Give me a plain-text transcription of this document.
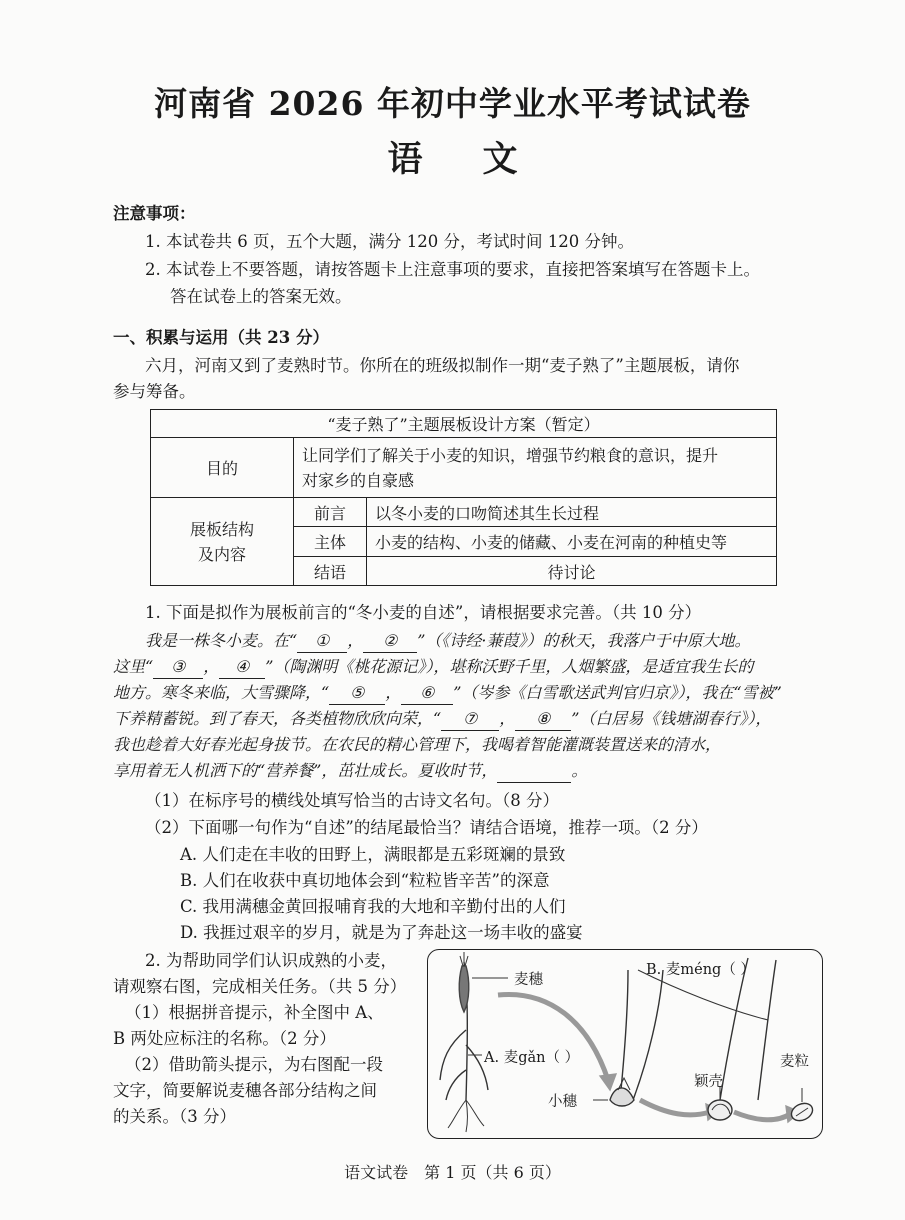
河南省 2026 年初中学业水平考试试卷
语文
注意事项：
1. 本试卷共 6 页，五个大题，满分 120 分，考试时间 120 分钟。
2. 本试卷上不要答题，请按答题卡上注意事项的要求，直接把答案填写在答题卡上。
答在试卷上的答案无效。
一、积累与运用（共 23 分）
六月，河南又到了麦熟时节。你所在的班级拟制作一期“麦子熟了”主题展板，请你
参与筹备。
“麦子熟了”主题展板设计方案（暂定）		
目的	让同学们了解关于小麦的知识，增强节约粮食的意识，提升
对家乡的自豪感	

展板结构
及内容	前言	以冬小麦的口吻简述其生长过程
	主体	小麦的结构、小麦的储藏、小麦在河南的种植史等
	结语	待讨论
1. 下面是拟作为展板前言的“冬小麦的自述”，请根据要求完善。（共 10 分）
我是一株冬小麦。在“ ① ， ② ”（《诗经·蒹葭》）的秋天，我落户于中原大地。
这里“ ③ ， ④ ”（陶渊明《桃花源记》），堪称沃野千里，人烟繁盛，是适宜我生长的
地方。寒冬来临，大雪骤降，“ ⑤ ， ⑥ ”（岑参《白雪歌送武判官归京》），我在“雪被”
下养精蓄锐。到了春天，各类植物欣欣向荣，“ ⑦ ， ⑧ ”（白居易《钱塘湖春行》），
我也趁着大好春光起身拔节。在农民的精心管理下，我喝着智能灌溉装置送来的清水，
享用着无人机洒下的“营养餐”，茁壮成长。夏收时节，	。
（1）在标序号的横线处填写恰当的古诗文名句。（8 分）
（2）下面哪一句作为“自述”的结尾最恰当？请结合语境，推荐一项。（2 分）
A. 人们走在丰收的田野上，满眼都是五彩斑斓的景致
B. 人们在收获中真切地体会到“粒粒皆辛苦”的深意
C. 我用满穗金黄回报哺育我的大地和辛勤付出的人们
D. 我捱过艰辛的岁月，就是为了奔赴这一场丰收的盛宴
2. 为帮助同学们认识成熟的小麦，
请观察右图，完成相关任务。（共 5 分）
（1）根据拼音提示，补全图中 A、
B 两处应标注的名称。（2 分）
（2）借助箭头提示，为右图配一段
文字，简要解说麦穗各部分结构之间
的关系。（3 分）
麦穗
B. 麦méng（ ）
A. 麦gǎn（ ）
小穗
颖壳
麦粒
语文试卷　第 1 页（共 6 页）
